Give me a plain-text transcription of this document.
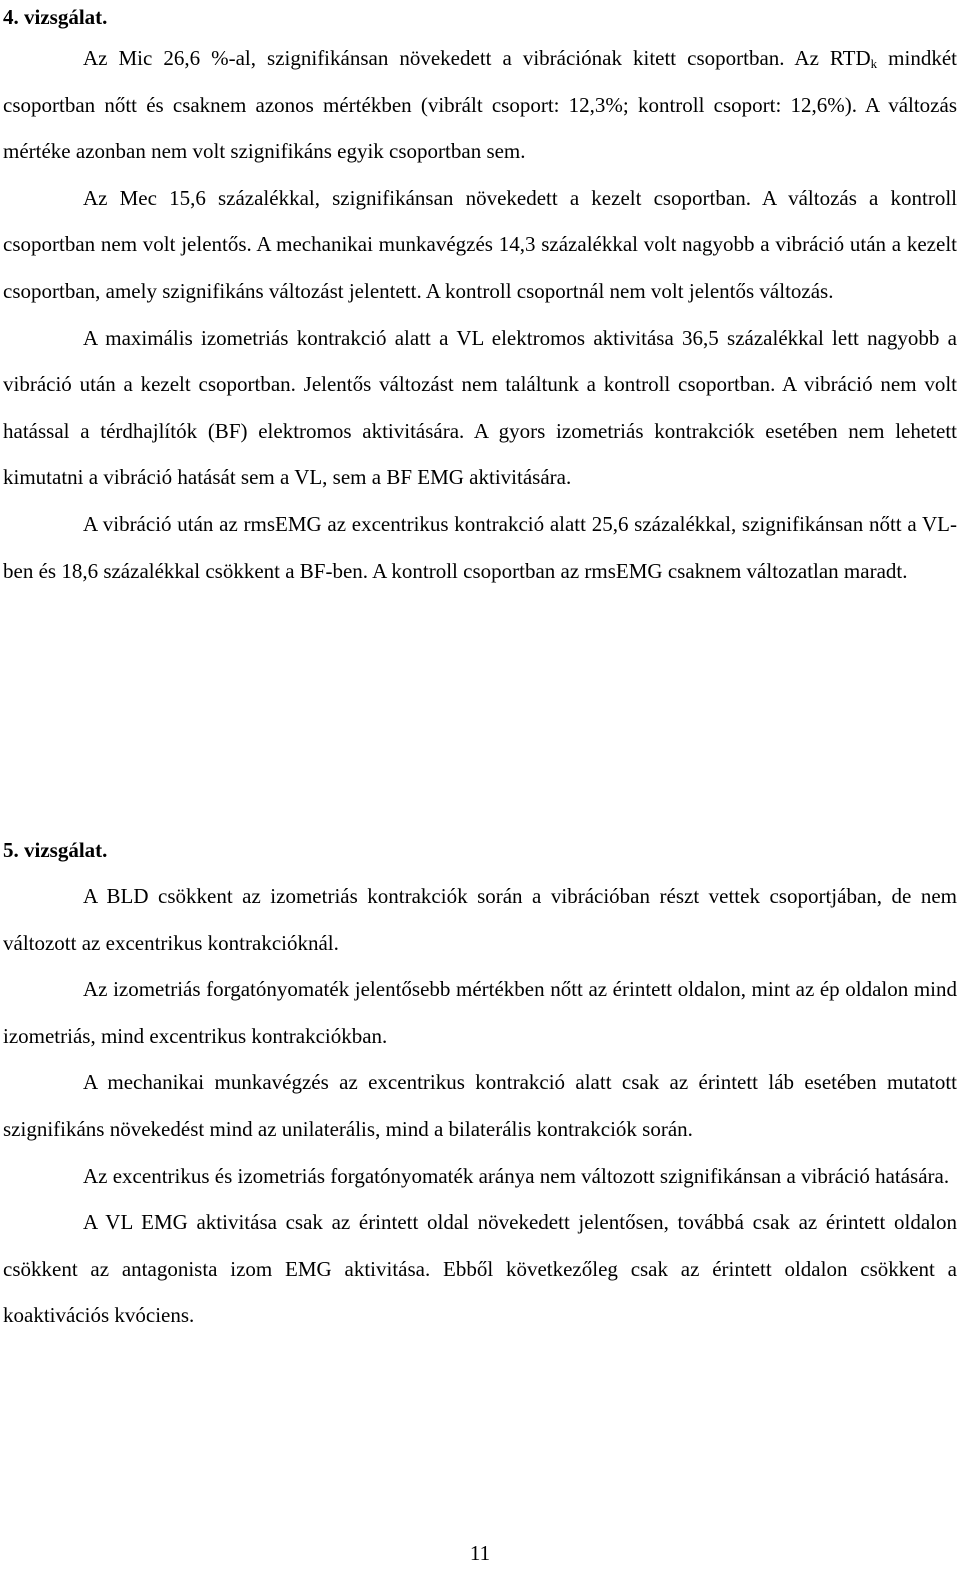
4. vizsgálat.

Az Mic 26,6 %-al, szignifikánsan növekedett a vibrációnak kitett csoportban. Az $RTD_k$ mindkét csoportban nőtt és csaknem azonos mértékben (vibrált csoport: 12,3%; kontroll csoport: 12,6%). A változás mértéke azonban nem volt szignifikáns egyik csoportban sem.

Az Mec 15,6 százalékkal, szignifikánsan növekedett a kezelt csoportban. A változás a kontroll csoportban nem volt jelentős. A mechanikai munkavégzés 14,3 százalékkal volt nagyobb a vibráció után a kezelt csoportban, amely szignifikáns változást jelentett. A kontroll csoportnál nem volt jelentős változás.

A maximális izometriás kontrakció alatt a VL elektromos aktivitása 36,5 százalékkal lett nagyobb a vibráció után a kezelt csoportban. Jelentős változást nem találtunk a kontroll csoportban. A vibráció nem volt hatással a térdhajlítók (BF) elektromos aktivitására. A gyors izometriás kontrakciók esetében nem lehetett kimutatni a vibráció hatását sem a VL, sem a BF EMG aktivitására.

A vibráció után az rmsEMG az excentrikus kontrakció alatt 25,6 százalékkal, szignifikánsan nőtt a VL-ben és 18,6 százalékkal csökkent a BF-ben. A kontroll csoportban az rmsEMG csaknem változatlan maradt.

5. vizsgálat.

A BLD csökkent az izometriás kontrakciók során a vibrációban részt vettek csoportjában, de nem változott az excentrikus kontrakcióknál.

Az izometriás forgatónyomaték jelentősebb mértékben nőtt az érintett oldalon, mint az ép oldalon mind izometriás, mind excentrikus kontrakciókban.

A mechanikai munkavégzés az excentrikus kontrakció alatt csak az érintett láb esetében mutatott szignifikáns növekedést mind az unilaterális, mind a bilaterális kontrakciók során.

Az excentrikus és izometriás forgatónyomaték aránya nem változott szignifikánsan a vibráció hatására.

A VL EMG aktivitása csak az érintett oldal növekedett jelentősen, továbbá csak az érintett oldalon csökkent az antagonista izom EMG aktivitása. Ebből következőleg csak az érintett oldalon csökkent a koaktivációs kvóciens.

11
